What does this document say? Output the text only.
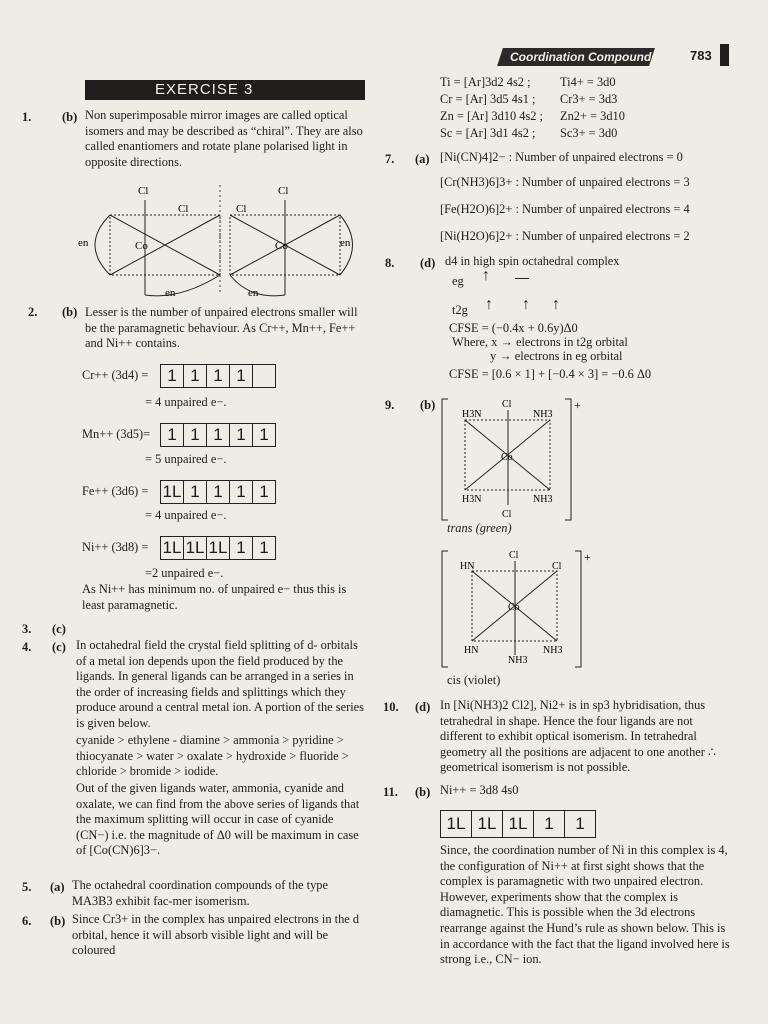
Coordination Compounds 783
EXERCISE 3
1. (b) Non superimposable mirror images are called optical isomers and may be described as “chiral”. They are also called enantiomers and rotate plane polarised light in opposite directions.
Cl
Cl
Co
en
en
Cl
Cl
Co	en
en
2. (b) Lesser is the number of unpaired electrons smaller will be the paramagnetic behaviour. As Cr++, Mn++, Fe++ and Ni++ contains.
Cr++ (3d4) =	1 1 1 1
= 4 unpaired e−.
Mn++ (3d5)=	1 1 1 1 1
= 5 unpaired e−.
Fe++ (3d6) = 1L 1 1 1 1
= 4 unpaired e−.
Ni++ (3d8) = 1L 1L 1L 1 1
=2 unpaired e−.
As Ni++ has minimum no. of unpaired e− thus this is least paramagnetic.
3. (c)
4. (c) In octahedral field the crystal field splitting of d- orbitals of a metal ion depends upon the field produced by the ligands. In general ligands can be arranged in a series in the order of increasing fields and splittings which they produce around a central metal ion. A portion of the series is given below.
cyanide > ethylene - diamine > ammonia > pyridine > thiocyanate > water > oxalate > hydroxide > fluoride > chloride > bromide > iodide.
Out of the given ligands water, ammonia, cyanide and oxalate, we can find from the above series of ligands that the maximum splitting will occur in case of cyanide (CN−) i.e. the magnitude of Δ0 will be maximum in case of [Co(CN)6]3−.
5. (a) The octahedral coordination compounds of the type MA3B3 exhibit fac-mer isomerism.
6. (b) Since Cr3+ in the complex has unpaired electrons in the d orbital, hence it will absorb visible light and will be coloured
Ti = [Ar]3d2 4s2 ; Ti4+ = 3d0
Cr = [Ar] 3d5 4s1 ; Cr3+ = 3d3
Zn = [Ar] 3d10 4s2 ; Zn2+ = 3d10
Sc = [Ar] 3d1 4s2 ; Sc3+ = 3d0
7. (a) [Ni(CN)4]2− : Number of unpaired electrons = 0
[Cr(NH3)6]3+ : Number of unpaired electrons = 3
[Fe(H2O)6]2+ : Number of unpaired electrons = 4
[Ni(H2O)6]2+ : Number of unpaired electrons = 2
8. (d) d4 in high spin octahedral complex
eg ↑
t2g ↑ ↑ ↑
CFSE = (−0.4x + 0.6y)Δ0
Where, x → electrons in t2g orbital
y → electrons in eg orbital
CFSE = [0.6 × 1] + [−0.4 × 3] = −0.6 Δ0
9. (b)	+
Cl
H3N	NH3
Co
H3N	NH3
Cl
trans (green)
+
Cl
HN	Cl
Co
HN	NH3
NH3
cis (violet)
10. (d) In [Ni(NH3)2 Cl2], Ni2+ is in sp3 hybridisation, thus tetrahedral in shape. Hence the four ligands are not different to exhibit optical isomerism. In tetrahedral geometry all the positions are adjacent to one another ∴ geometrical isomerism is not possible.
11. (b) Ni++ = 3d8 4s0
1L 1L 1L 1	1
Since, the coordination number of Ni in this complex is 4, the configuration of Ni++ at first sight shows that the complex is paramagnetic with two unpaired electron. However, experiments show that the complex is diamagnetic. This is possible when the 3d electrons rearrange against the Hund’s rule as shown below. This is in accordance with the fact that the ligand involved here is strong i.e., CN− ion.
